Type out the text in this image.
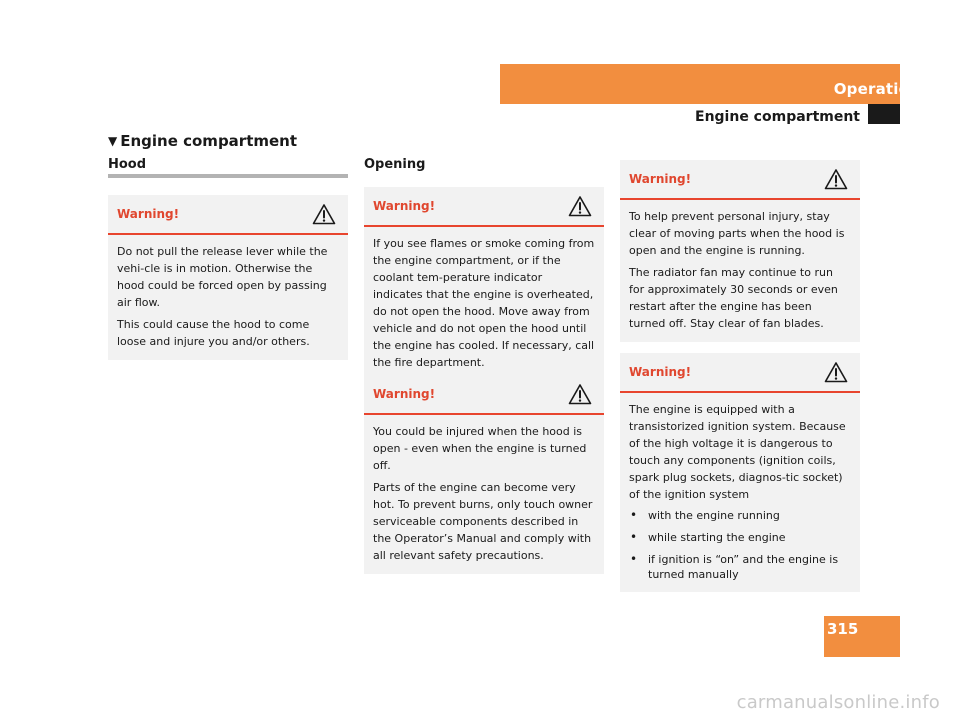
Operation
Engine compartment
▼ Engine compartment
Hood	Opening
Warning!

Do not pull the release lever while the vehi-cle is in motion. Otherwise the hood could be forced open by passing air flow.

This could cause the hood to come loose and injure you and/or others.

Warning!

If you see flames or smoke coming from the engine compartment, or if the coolant tem-perature indicator indicates that the engine is overheated, do not open the hood. Move away from vehicle and do not open the hood until the engine has cooled. If necessary, call the fire department.

Warning!

You could be injured when the hood is open - even when the engine is turned off.

Parts of the engine can become very hot. To prevent burns, only touch owner serviceable components described in the Operator’s Manual and comply with all relevant safety precautions.

Warning!

To help prevent personal injury, stay clear of moving parts when the hood is open and the engine is running.

The radiator fan may continue to run for approximately 30 seconds or even restart after the engine has been turned off. Stay clear of fan blades.

Warning!

The engine is equipped with a transistorized ignition system. Because of the high voltage it is dangerous to touch any components (ignition coils, spark plug sockets, diagnos-tic socket) of the ignition system

• with the engine running
• while starting the engine
• if ignition is “on” and the engine is turned manually
315
carmanualsonline.info
